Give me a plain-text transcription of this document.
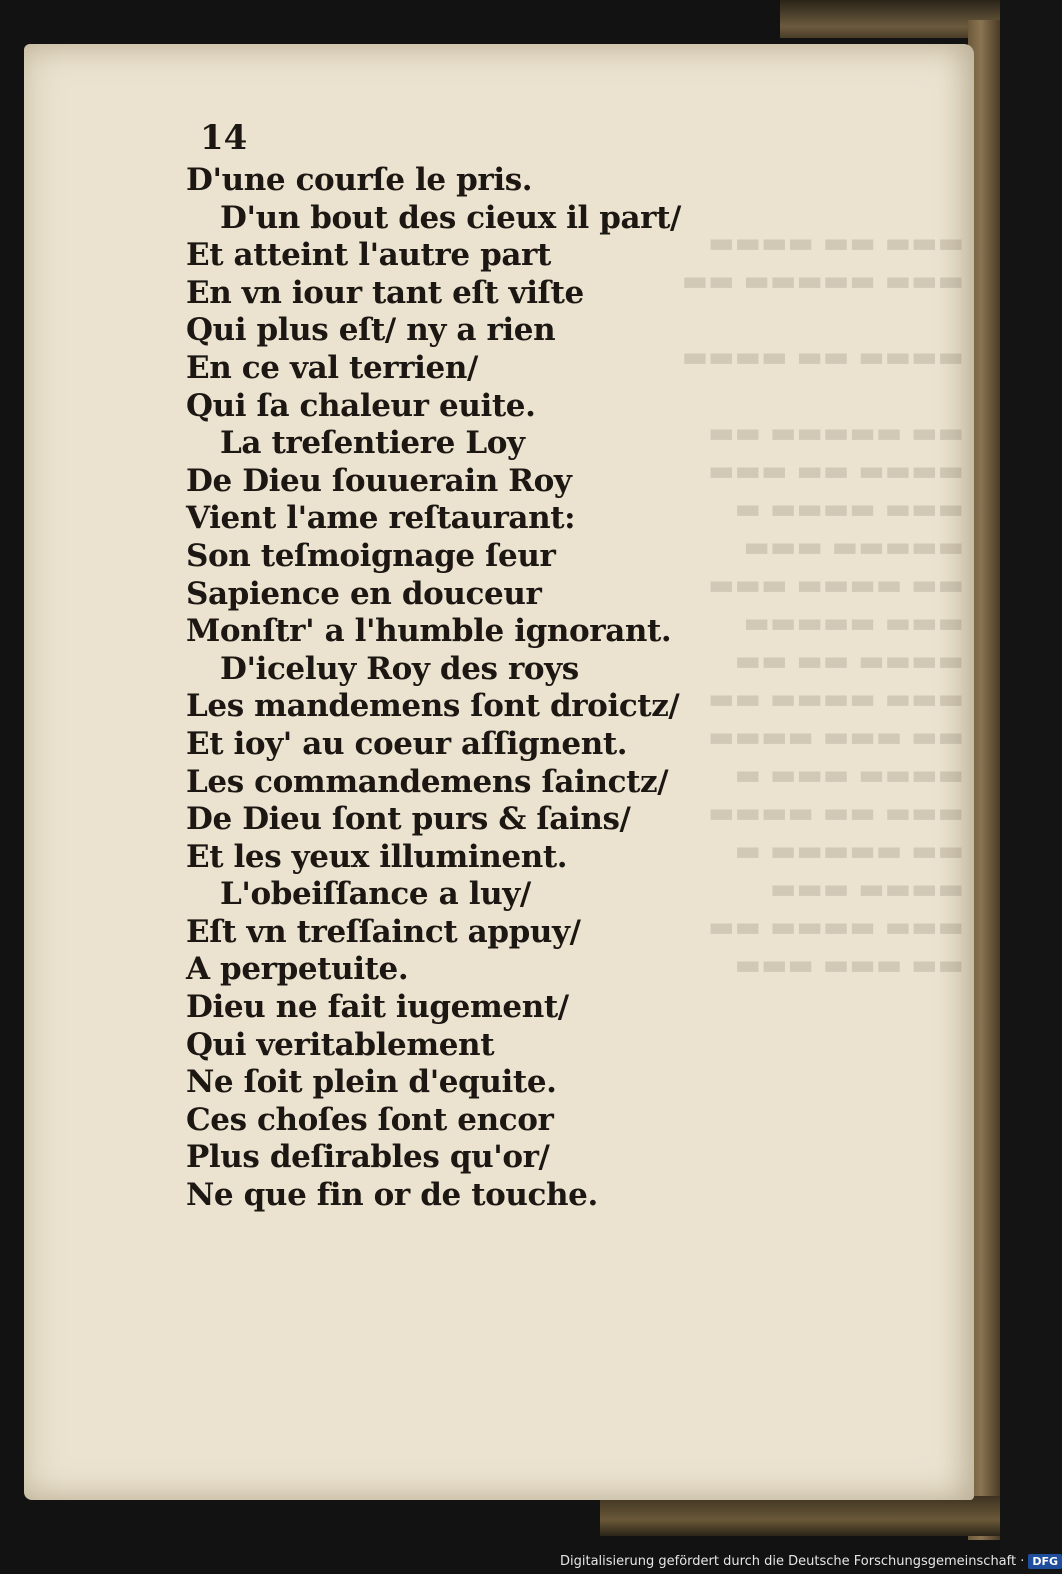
▬▬▬ ▬▬ ▬▬▬▬
▬▬▬ ▬▬▬▬▬ ▬▬

▬▬▬▬ ▬▬ ▬▬▬▬

▬▬ ▬▬▬▬▬ ▬▬
▬▬▬▬ ▬▬ ▬▬▬
▬▬▬ ▬▬▬▬ ▬
▬▬▬▬▬ ▬▬▬
▬▬ ▬▬▬▬ ▬▬▬
▬▬▬ ▬▬▬▬▬
▬▬▬▬ ▬▬ ▬▬
▬▬▬ ▬▬▬▬ ▬▬
▬▬ ▬▬▬ ▬▬▬▬
▬▬▬▬ ▬▬▬ ▬
▬▬▬ ▬▬ ▬▬▬▬
▬▬ ▬▬▬▬▬ ▬
▬▬▬▬ ▬▬▬
▬▬▬ ▬▬▬▬ ▬▬
▬▬ ▬▬▬ ▬▬▬
14
D'une courſe le pris.
D'un bout des cieux il part/
Et atteint l'autre part
En vn iour tant eſt viſte
Qui plus eſt/ ny a rien
En ce val terrien/
Qui ſa chaleur euite.
La treſentiere Loy
De Dieu ſouuerain Roy
Vient l'ame reſtaurant:
Son teſmoignage ſeur
Sapience en douceur
Monſtr' a l'humble ignorant.
D'iceluy Roy des roys
Les mandemens ſont droictz/
Et ioy' au coeur aſſignent.
Les commandemens ſainctz/
De Dieu ſont purs & ſains/
Et les yeux illuminent.
L'obeiſſance a luy/
Eſt vn treſſainct appuy/
A perpetuite.
Dieu ne fait iugement/
Qui veritablement
Ne ſoit plein d'equite.
Ces choſes ſont encor
Plus deſirables qu'or/
Ne que fin or de touche.
Digitalisierung gefördert durch die Deutsche Forschungsgemeinschaft · DFG
